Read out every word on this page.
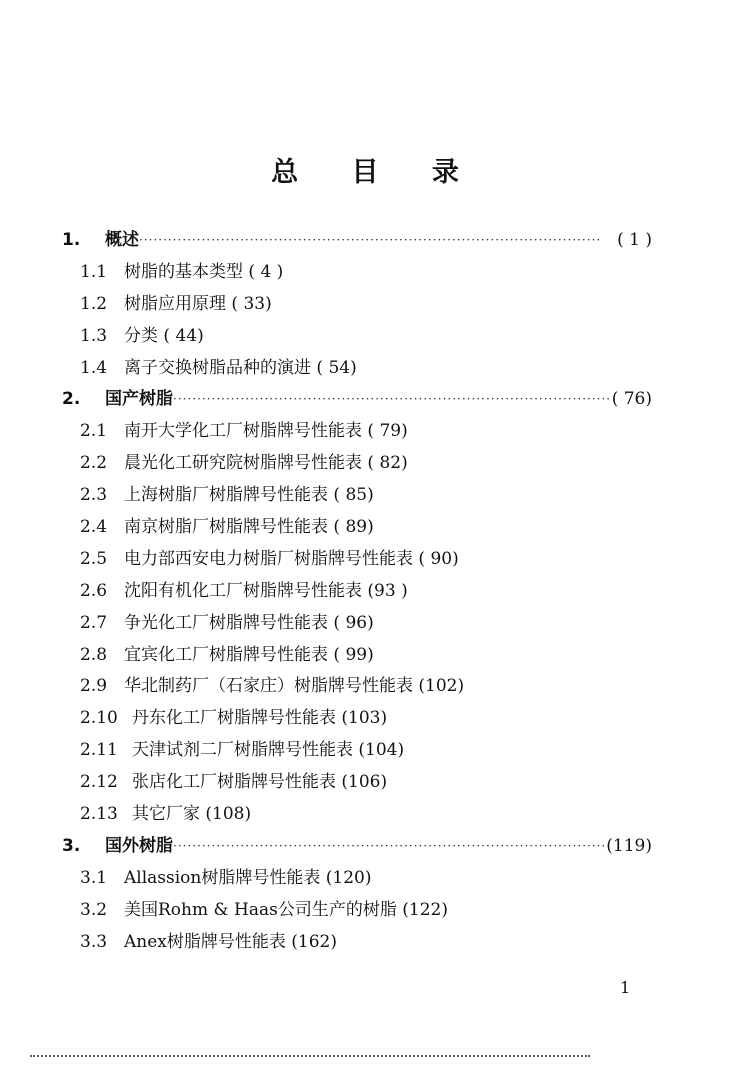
总 目 录
1.	概述 ·····	( 1 )
1.1 树脂的基本类型 ( 4 )
1.2 树脂应用原理 ( 33)
1.3 分类 ( 44)
1.4 离子交换树脂品种的演进 ( 54)
2.	国产树脂 ·····	( 76)
2.1 南开大学化工厂树脂牌号性能表 ( 79)
2.2 晨光化工研究院树脂牌号性能表 ( 82)
2.3 上海树脂厂树脂牌号性能表 ( 85)
2.4 南京树脂厂树脂牌号性能表 ( 89)
2.5 电力部西安电力树脂厂树脂牌号性能表 ( 90)
2.6 沈阳有机化工厂树脂牌号性能表 (93 )
2.7 争光化工厂树脂牌号性能表 ( 96)
2.8 宜宾化工厂树脂牌号性能表 ( 99)
2.9 华北制药厂（石家庄）树脂牌号性能表 (102)
2.10 丹东化工厂树脂牌号性能表 (103)
2.11 天津试剂二厂树脂牌号性能表 (104)
2.12 张店化工厂树脂牌号性能表 (106)
2.13 其它厂家 (108)
3.	国外树脂 ·····	(119)
3.1 Allassion树脂牌号性能表 (120)
3.2 美国Rohm & Haas公司生产的树脂 (122)
3.3 Anex树脂牌号性能表 (162)
1
